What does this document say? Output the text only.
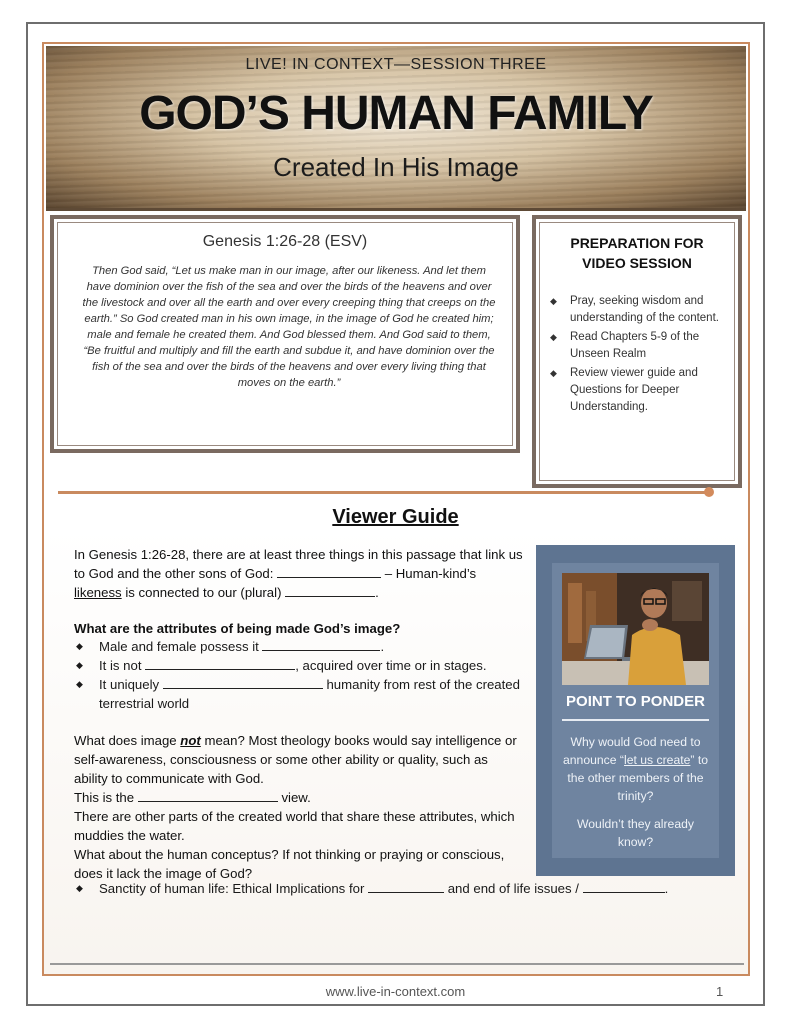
LIVE! IN CONTEXT—SESSION THREE
GOD’S HUMAN FAMILY
Created In His Image
Genesis 1:26-28 (ESV)
Then God said, “Let us make man in our image, after our likeness. And let them have dominion over the fish of the sea and over the birds of the heavens and over the livestock and over all the earth and over every creeping thing that creeps on the earth.” So God created man in his own image, in the image of God he created him; male and female he created them. And God blessed them. And God said to them, “Be fruitful and multiply and fill the earth and subdue it, and have dominion over the fish of the sea and over the birds of the heavens and over every living thing that moves on the earth.”
PREPARATION FOR
VIDEO SESSION
◆ Pray, seeking wisdom and understanding of the content.
◆ Read Chapters 5-9 of the Unseen Realm
◆ Review viewer guide and Questions for Deeper Understanding.
Viewer Guide
In Genesis 1:26-28, there are at least three things in this passage that link us to God and the other sons of God:	– Human-kind’s likeness is connected to our (plural)	.
What are the attributes of being made God’s image?
◆ Male and female possess it	.
◆ It is not	, acquired over time or in stages.
◆ It uniquely	humanity from rest of the created terrestrial world
What does image not mean? Most theology books would say intelligence or self-awareness, consciousness or some other ability or quality, such as ability to communicate with God.
This is the	view.
There are other parts of the created world that share these attributes, which muddies the water.
What about the human conceptus? If not thinking or praying or conscious, does it lack the image of God?
◆ Sanctity of human life: Ethical Implications for	and end of life issues /	.
POINT TO PONDER
Why would God need to announce “let us create” to the other members of the trinity?
Wouldn’t they already know?
www.live-in-context.com	1
